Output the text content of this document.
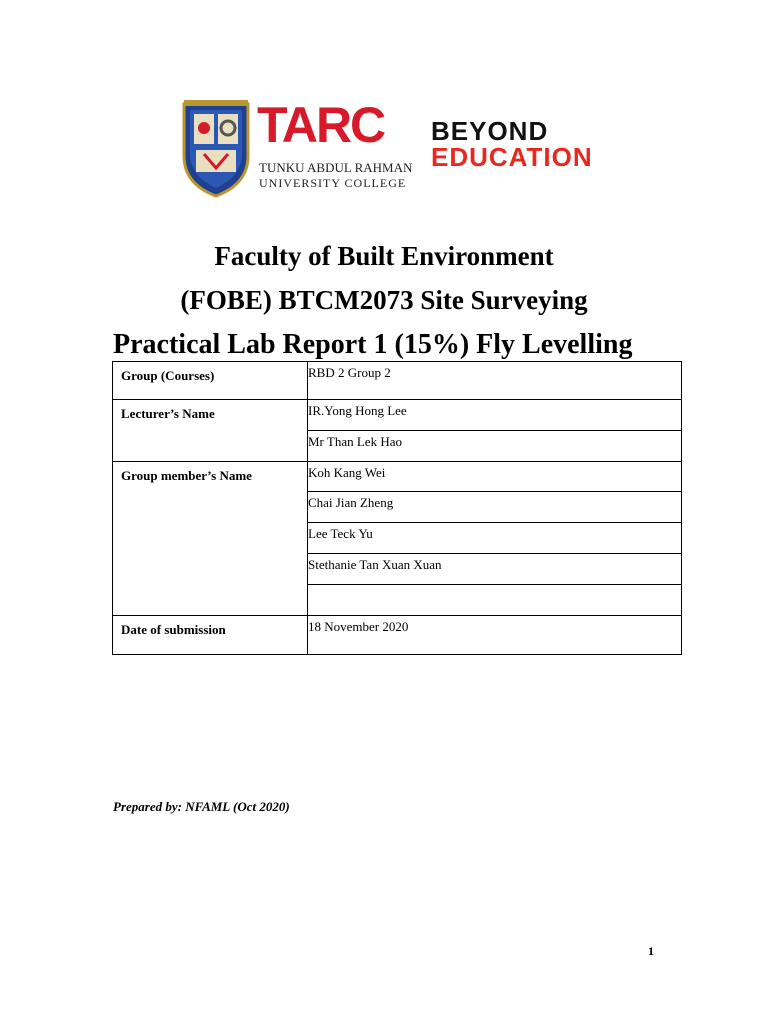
TARC
TUNKU ABDUL RAHMAN
UNIVERSITY COLLEGE
BEYOND
EDUCATION
Faculty of Built Environment
(FOBE) BTCM2073 Site Surveying
Practical Lab Report 1 (15%) Fly Levelling
Group (Courses)	RBD 2 Group 2
Lecturer’s Name	IR.Yong Hong Lee
	Mr Than Lek Hao
Group member’s Name	Koh Kang Wei
	Chai Jian Zheng
	Lee Teck Yu
	Stethanie Tan Xuan Xuan

Date of submission	18 November 2020
Prepared by: NFAML (Oct 2020)
1
